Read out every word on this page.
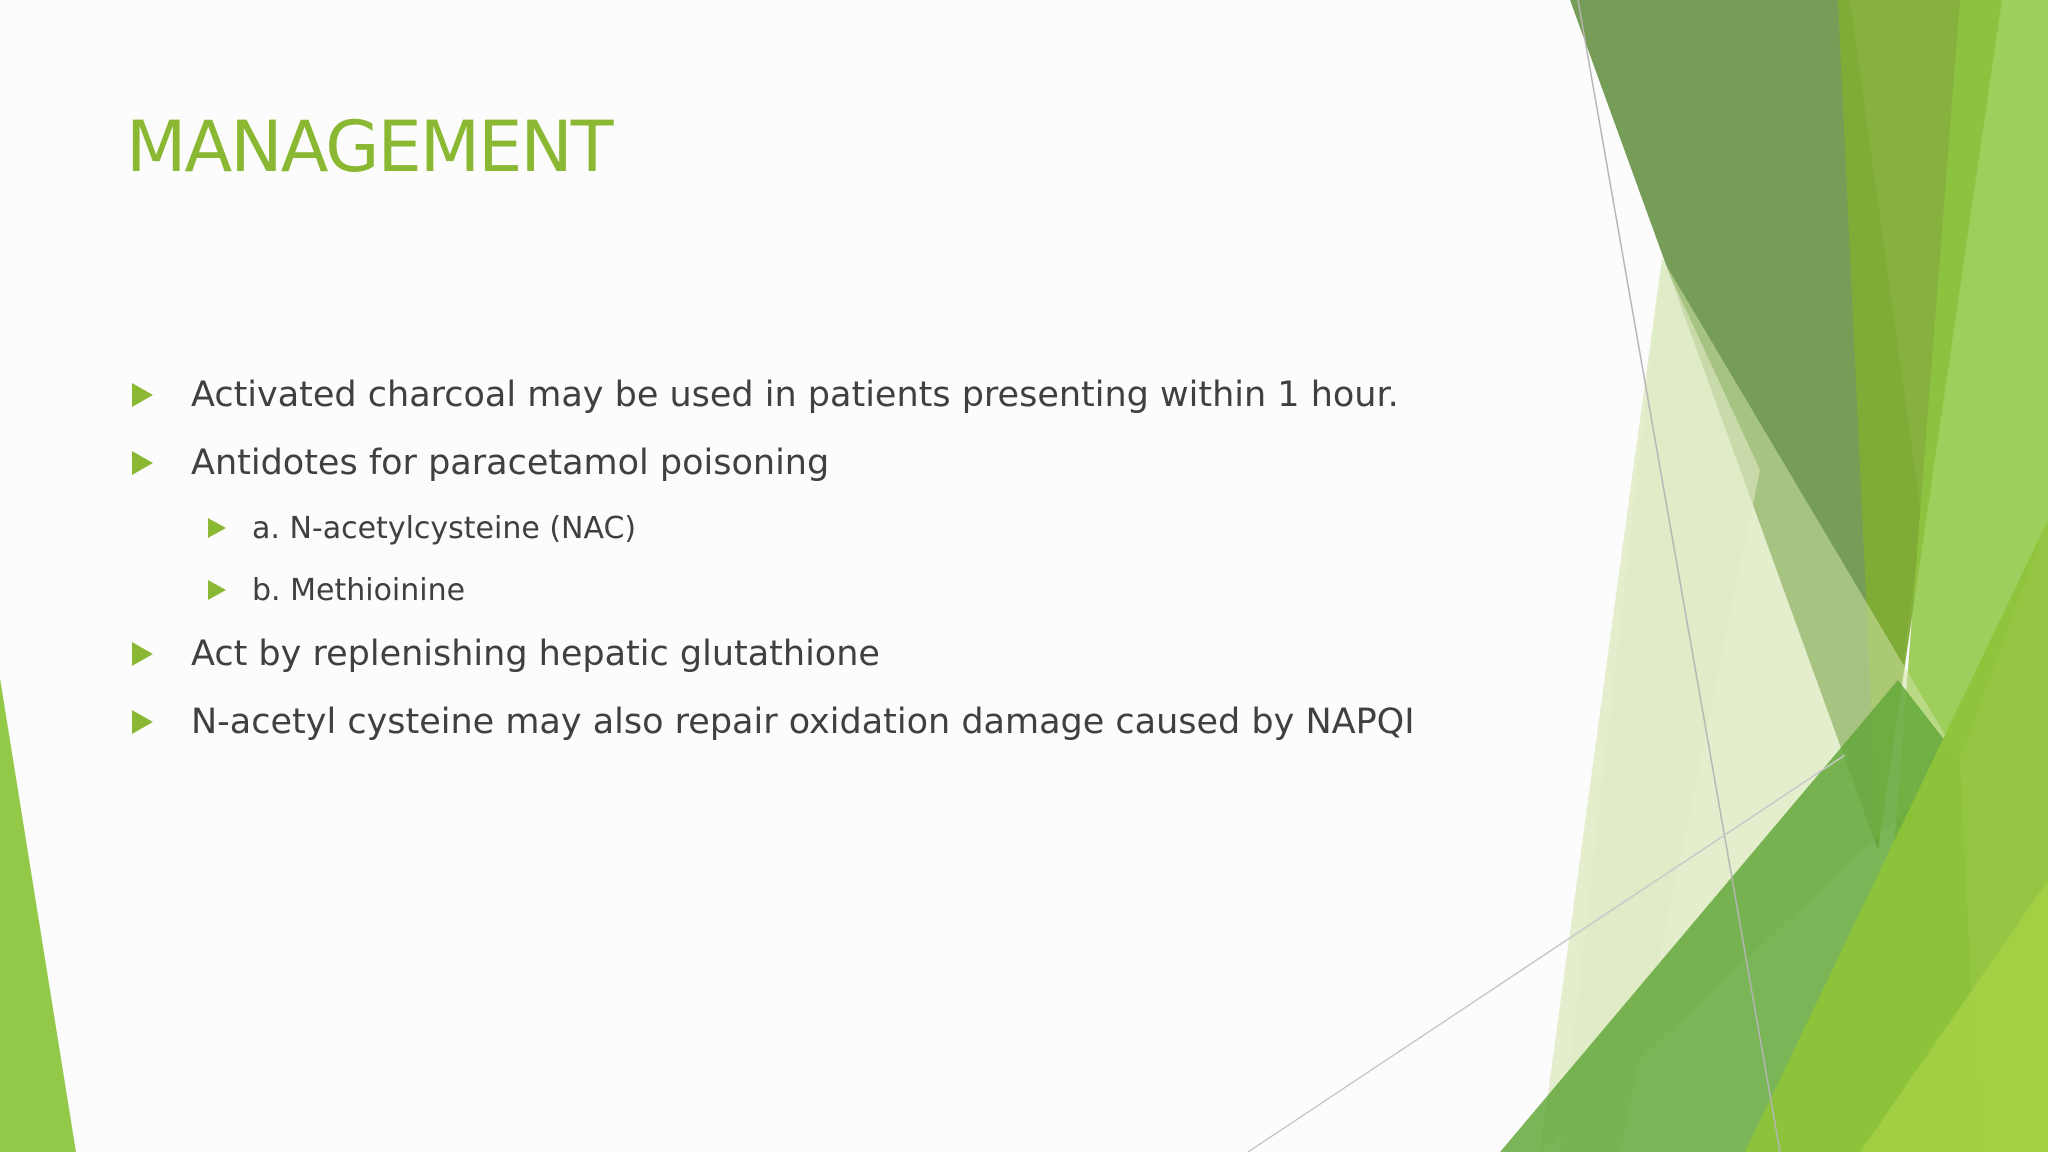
MANAGEMENT
Activated charcoal may be used in patients presenting within 1 hour.
Antidotes for paracetamol poisoning
a. N-acetylcysteine (NAC)
b. Methioinine
Act by replenishing hepatic glutathione
N-acetyl cysteine may also repair oxidation damage caused by NAPQI
